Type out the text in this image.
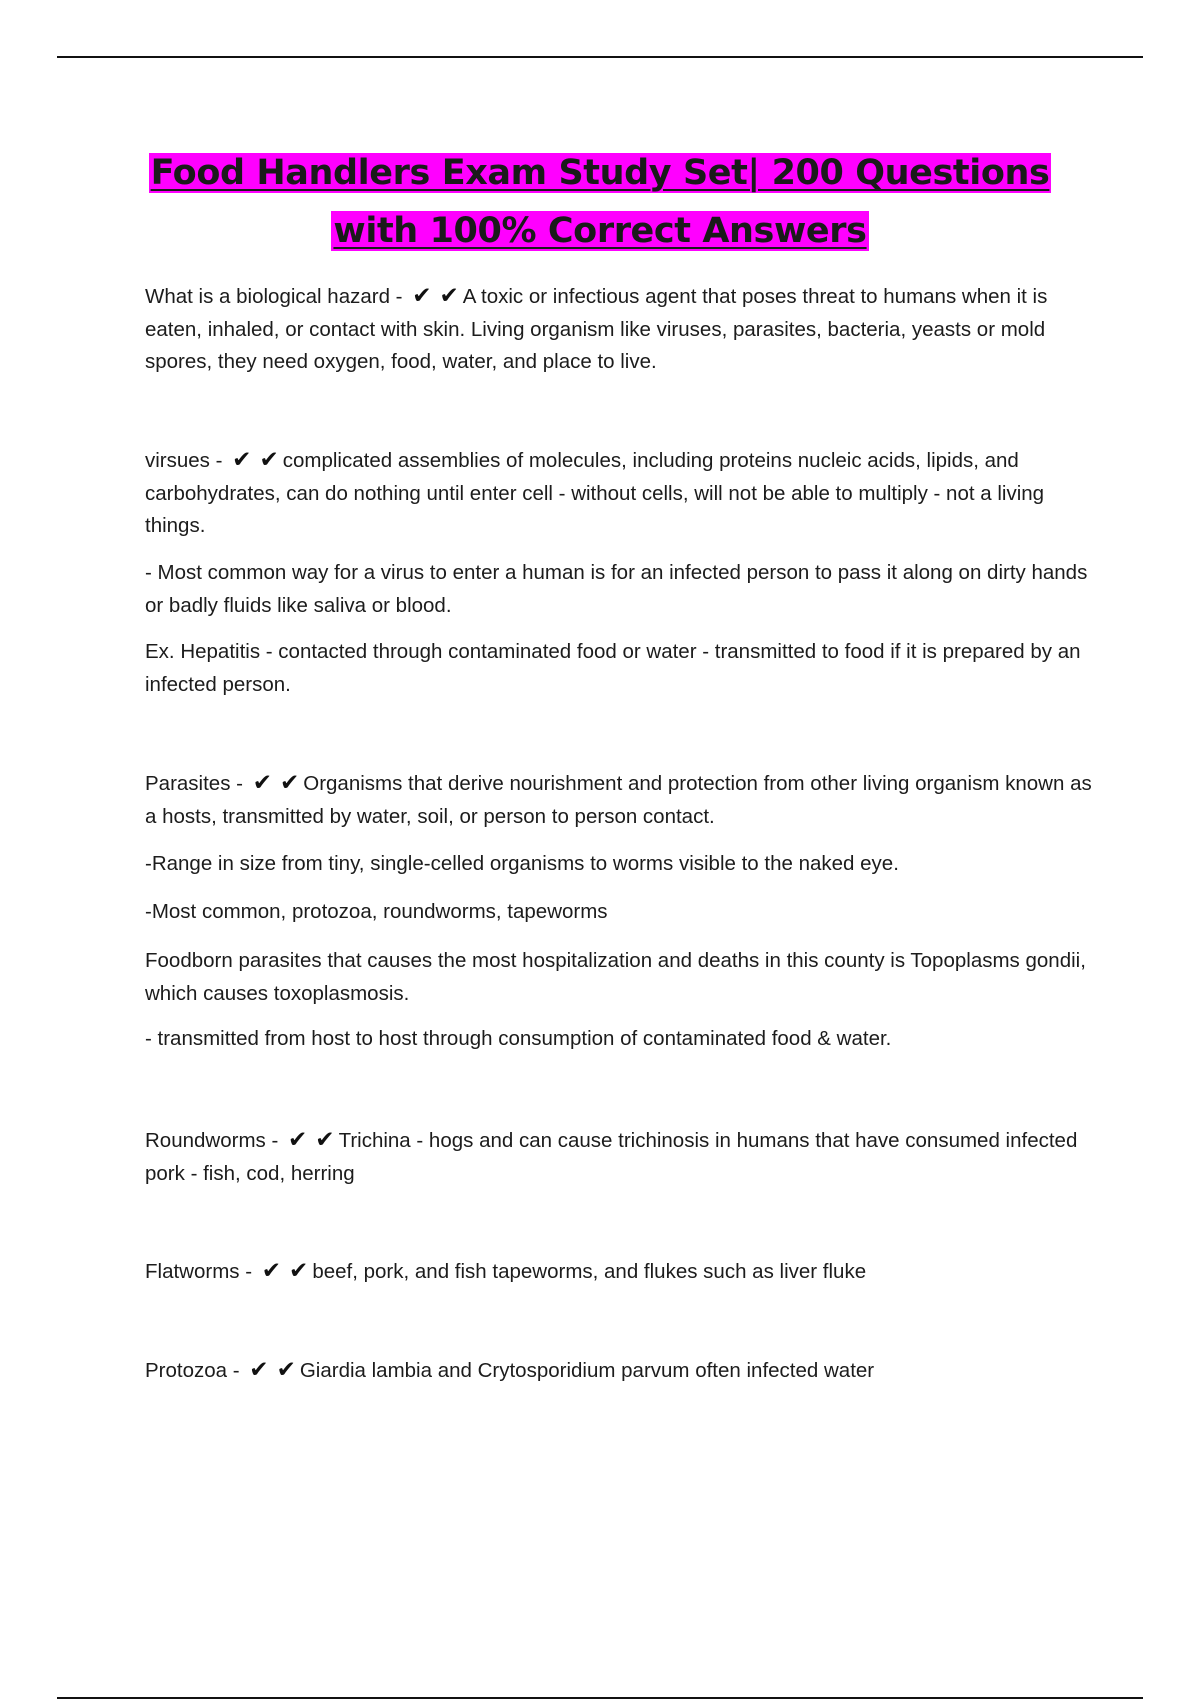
Food Handlers Exam Study Set| 200 Questions
with 100% Correct Answers

What is a biological hazard - ✔ ✔ A toxic or infectious agent that poses threat to humans when it is eaten, inhaled, or contact with skin. Living organism like viruses, parasites, bacteria, yeasts or mold spores, they need oxygen, food, water, and place to live.

virsues - ✔ ✔ complicated assemblies of molecules, including proteins nucleic acids, lipids, and carbohydrates, can do nothing until enter cell - without cells, will not be able to multiply - not a living things.

- Most common way for a virus to enter a human is for an infected person to pass it along on dirty hands or badly fluids like saliva or blood.

Ex. Hepatitis - contacted through contaminated food or water - transmitted to food if it is prepared by an infected person.

Parasites - ✔ ✔ Organisms that derive nourishment and protection from other living organism known as a hosts, transmitted by water, soil, or person to person contact.

-Range in size from tiny, single-celled organisms to worms visible to the naked eye.

-Most common, protozoa, roundworms, tapeworms

Foodborn parasites that causes the most hospitalization and deaths in this county is Topoplasms gondii, which causes toxoplasmosis.

- transmitted from host to host through consumption of contaminated food & water.

Roundworms - ✔ ✔ Trichina - hogs and can cause trichinosis in humans that have consumed infected pork - fish, cod, herring

Flatworms - ✔ ✔ beef, pork, and fish tapeworms, and flukes such as liver fluke

Protozoa - ✔ ✔ Giardia lambia and Crytosporidium parvum often infected water
